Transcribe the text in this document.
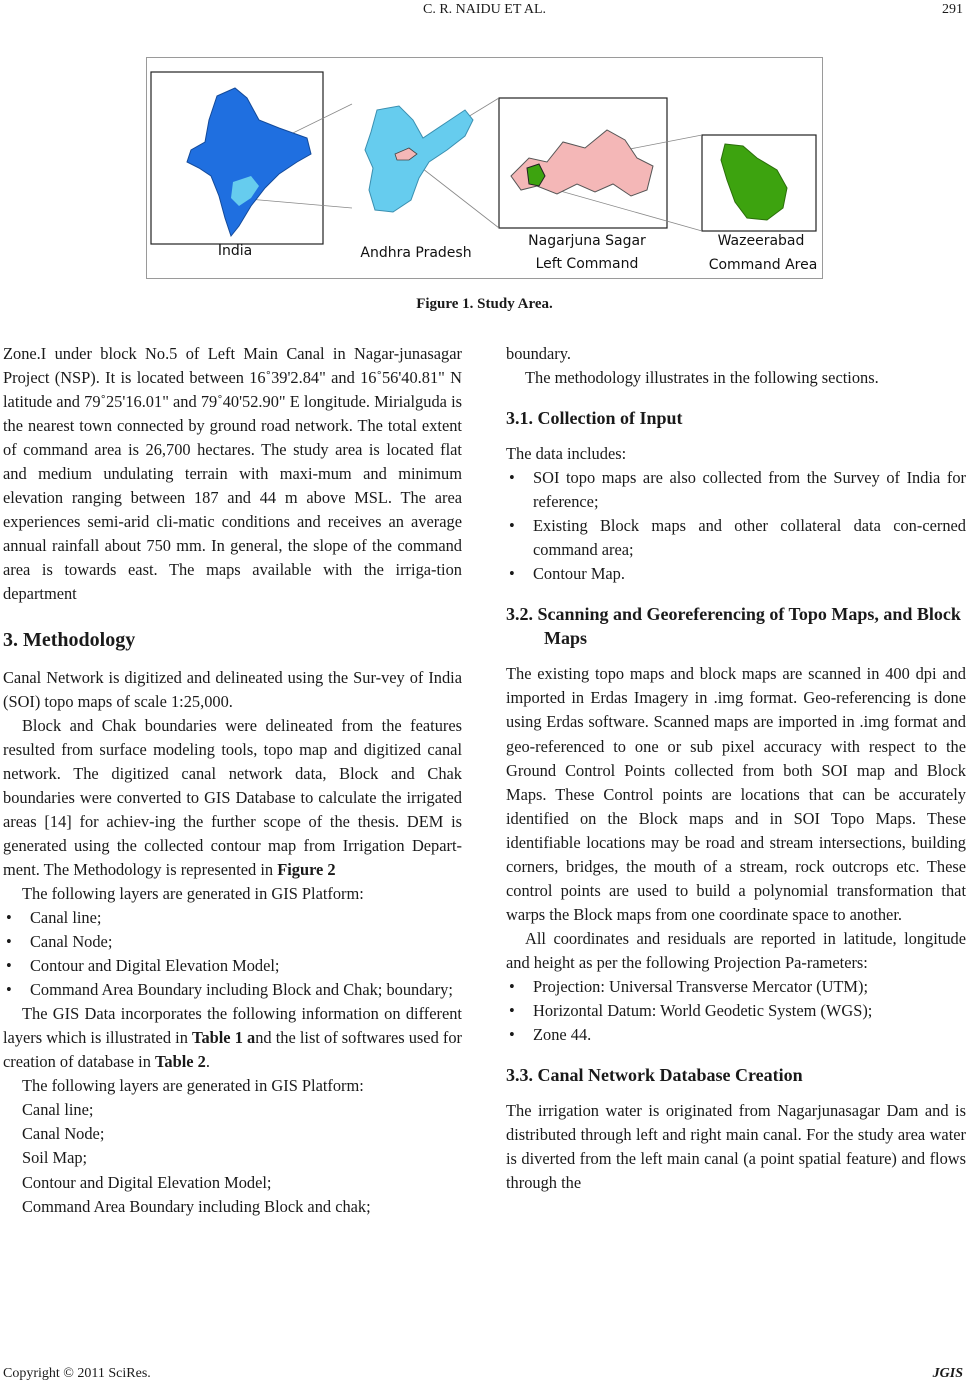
C. R. NAIDU ET AL.	291
India	Andhra Pradesh
Nagarjuna Sagar
Left Command
Wazeerabad
Command Area
Figure 1. Study Area.

Zone.I under block No.5 of Left Main Canal in Nagar-junasagar Project (NSP). It is located between 16˚39'2.84" and 16˚56'40.81" N latitude and 79˚25'16.01" and 79˚40'52.90" E longitude. Mirialguda is the nearest town connected by ground road network. The total extent of command area is 26,700 hectares. The study area is located flat and medium undulating terrain with maxi-mum and minimum elevation ranging between 187 and 44 m above MSL. The area experiences semi-arid cli-matic conditions and receives an average annual rainfall about 750 mm. In general, the slope of the command area is towards east. The maps available with the irriga-tion department

3. Methodology

Canal Network is digitized and delineated using the Sur-vey of India (SOI) topo maps of scale 1:25,000.

Block and Chak boundaries were delineated from the features resulted from surface modeling tools, topo map and digitized canal network. The digitized canal network data, Block and Chak boundaries were converted to GIS Database to calculate the irrigated areas [14] for achiev-ing the further scope of the thesis. DEM is generated using the collected contour map from Irrigation Depart-ment. The Methodology is represented in Figure 2

The following layers are generated in GIS Platform:

• Canal line;
• Canal Node;
• Contour and Digital Elevation Model;
• Command Area Boundary including Block and Chak; boundary;

The GIS Data incorporates the following information on different layers which is illustrated in Table 1 and the list of softwares used for creation of database in Table 2.

The following layers are generated in GIS Platform:

Canal line;
Canal Node;
Soil Map;
Contour and Digital Elevation Model;

Command Area Boundary including Block and chak;

boundary.

The methodology illustrates in the following sections.

3.1. Collection of Input

The data includes:

• SOI topo maps are also collected from the Survey of India for reference;
• Existing Block maps and other collateral data con-cerned command area;
• Contour Map.
3.2. Scanning and Georeferencing of Topo Maps, and Block Maps

The existing topo maps and block maps are scanned in 400 dpi and imported in Erdas Imagery in .img format. Geo-referencing is done using Erdas software. Scanned maps are imported in .img format and geo-referenced to one or sub pixel accuracy with respect to the Ground Control Points collected from both SOI map and Block Maps. These Control points are locations that can be accurately identified on the Block maps and in SOI Topo Maps. These identifiable locations may be road and stream intersections, building corners, bridges, the mouth of a stream, rock outcrops etc. These control points are used to build a polynomial transformation that warps the Block maps from one coordinate space to another.

All coordinates and residuals are reported in latitude, longitude and height as per the following Projection Pa-rameters:

• Projection: Universal Transverse Mercator (UTM);
• Horizontal Datum: World Geodetic System (WGS);
• Zone 44.
3.3. Canal Network Database Creation

The irrigation water is originated from Nagarjunasagar Dam and is distributed through left and right main canal. For the study area water is diverted from the left main canal (a point spatial feature) and flows through the

Copyright © 2011 SciRes.	JGIS
